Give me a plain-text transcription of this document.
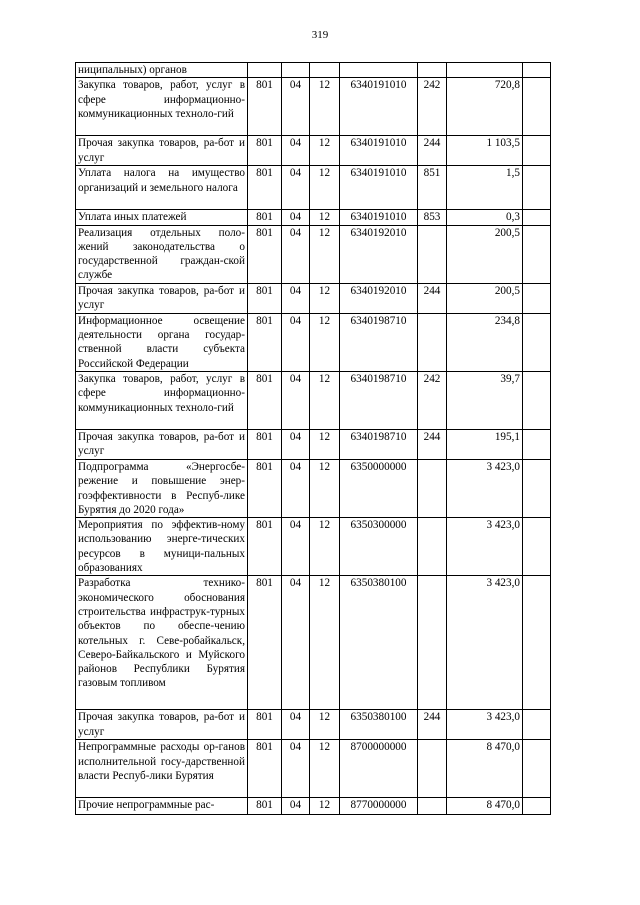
319
ниципальных) органов							
Закупка товаров, работ, услуг в сфере информационно-коммуникационных техноло-гий	801	04	12	6340191010	242	720,8	
Прочая закупка товаров, ра-бот и услуг	801	04	12	6340191010	244	1 103,5	
Уплата налога на имущество организаций и земельного налога	801	04	12	6340191010	851	1,5	
Уплата иных платежей	801	04	12	6340191010	853	0,3	
Реализация отдельных поло-жений законодательства о государственной граждан-ской службе	801	04	12	6340192010		200,5	
Прочая закупка товаров, ра-бот и услуг	801	04	12	6340192010	244	200,5	
Информационное освещение деятельности органа государ-ственной власти субъекта Российской Федерации	801	04	12	6340198710		234,8	
Закупка товаров, работ, услуг в сфере информационно-коммуникационных техноло-гий	801	04	12	6340198710	242	39,7	
Прочая закупка товаров, ра-бот и услуг	801	04	12	6340198710	244	195,1	
Подпрограмма «Энергосбе-режение и повышение энер-гоэффективности в Респуб-лике Бурятия до 2020 года»	801	04	12	6350000000		3 423,0	
Мероприятия по эффектив-ному использованию энерге-тических ресурсов в муници-пальных образованиях	801	04	12	6350300000		3 423,0	
Разработка технико-экономического обоснования строительства инфраструк-турных объектов по обеспе-чению котельных г. Севе-робайкальск, Северо-Байкальского и Муйского районов Республики Бурятия газовым топливом	801	04	12	6350380100		3 423,0	
Прочая закупка товаров, ра-бот и услуг	801	04	12	6350380100	244	3 423,0	
Непрограммные расходы ор-ганов исполнительной госу-дарственной власти Респуб-лики Бурятия	801	04	12	8700000000		8 470,0	
Прочие непрограммные рас-	801	04	12	8770000000		8 470,0	
